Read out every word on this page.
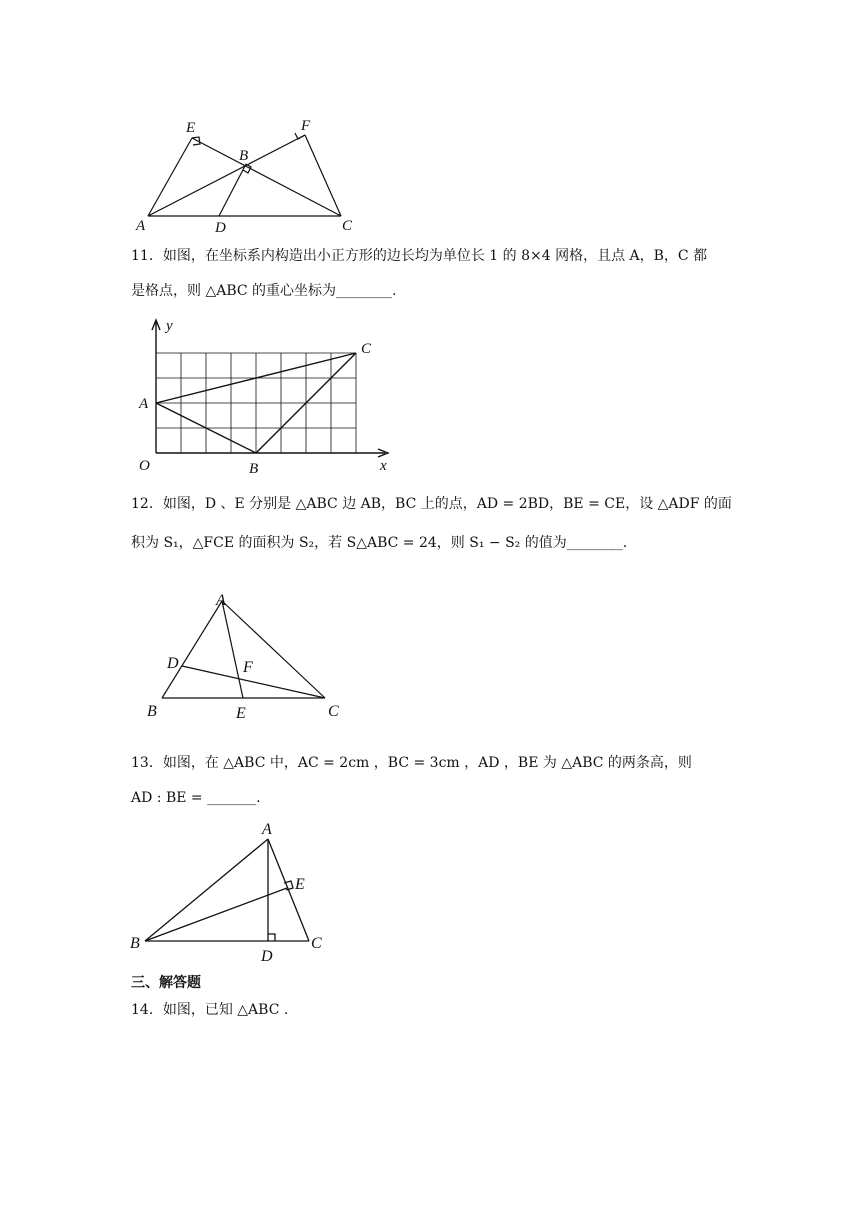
E	F
B
A	D	C
11．如图，在坐标系内构造出小正方形的边长均为单位长 1 的 8×4 网格，且点 A，B，C 都
是格点，则 △ABC 的重心坐标为________.
y
x
O
A
B
C
12．如图，D 、E 分别是 △ABC 边 AB，BC 上的点，AD = 2BD，BE = CE，设 △ADF 的面
积为 S₁，△FCE 的面积为 S₂，若 S△ABC = 24，则 S₁ − S₂ 的值为________.
A
D	F
B	E	C
13．如图，在 △ABC 中，AC = 2cm ，BC = 3cm ，AD ，BE 为 △ABC 的两条高，则
AD : BE = _______.
A
E
B
D
C
三、解答题
14．如图，已知 △ABC .
